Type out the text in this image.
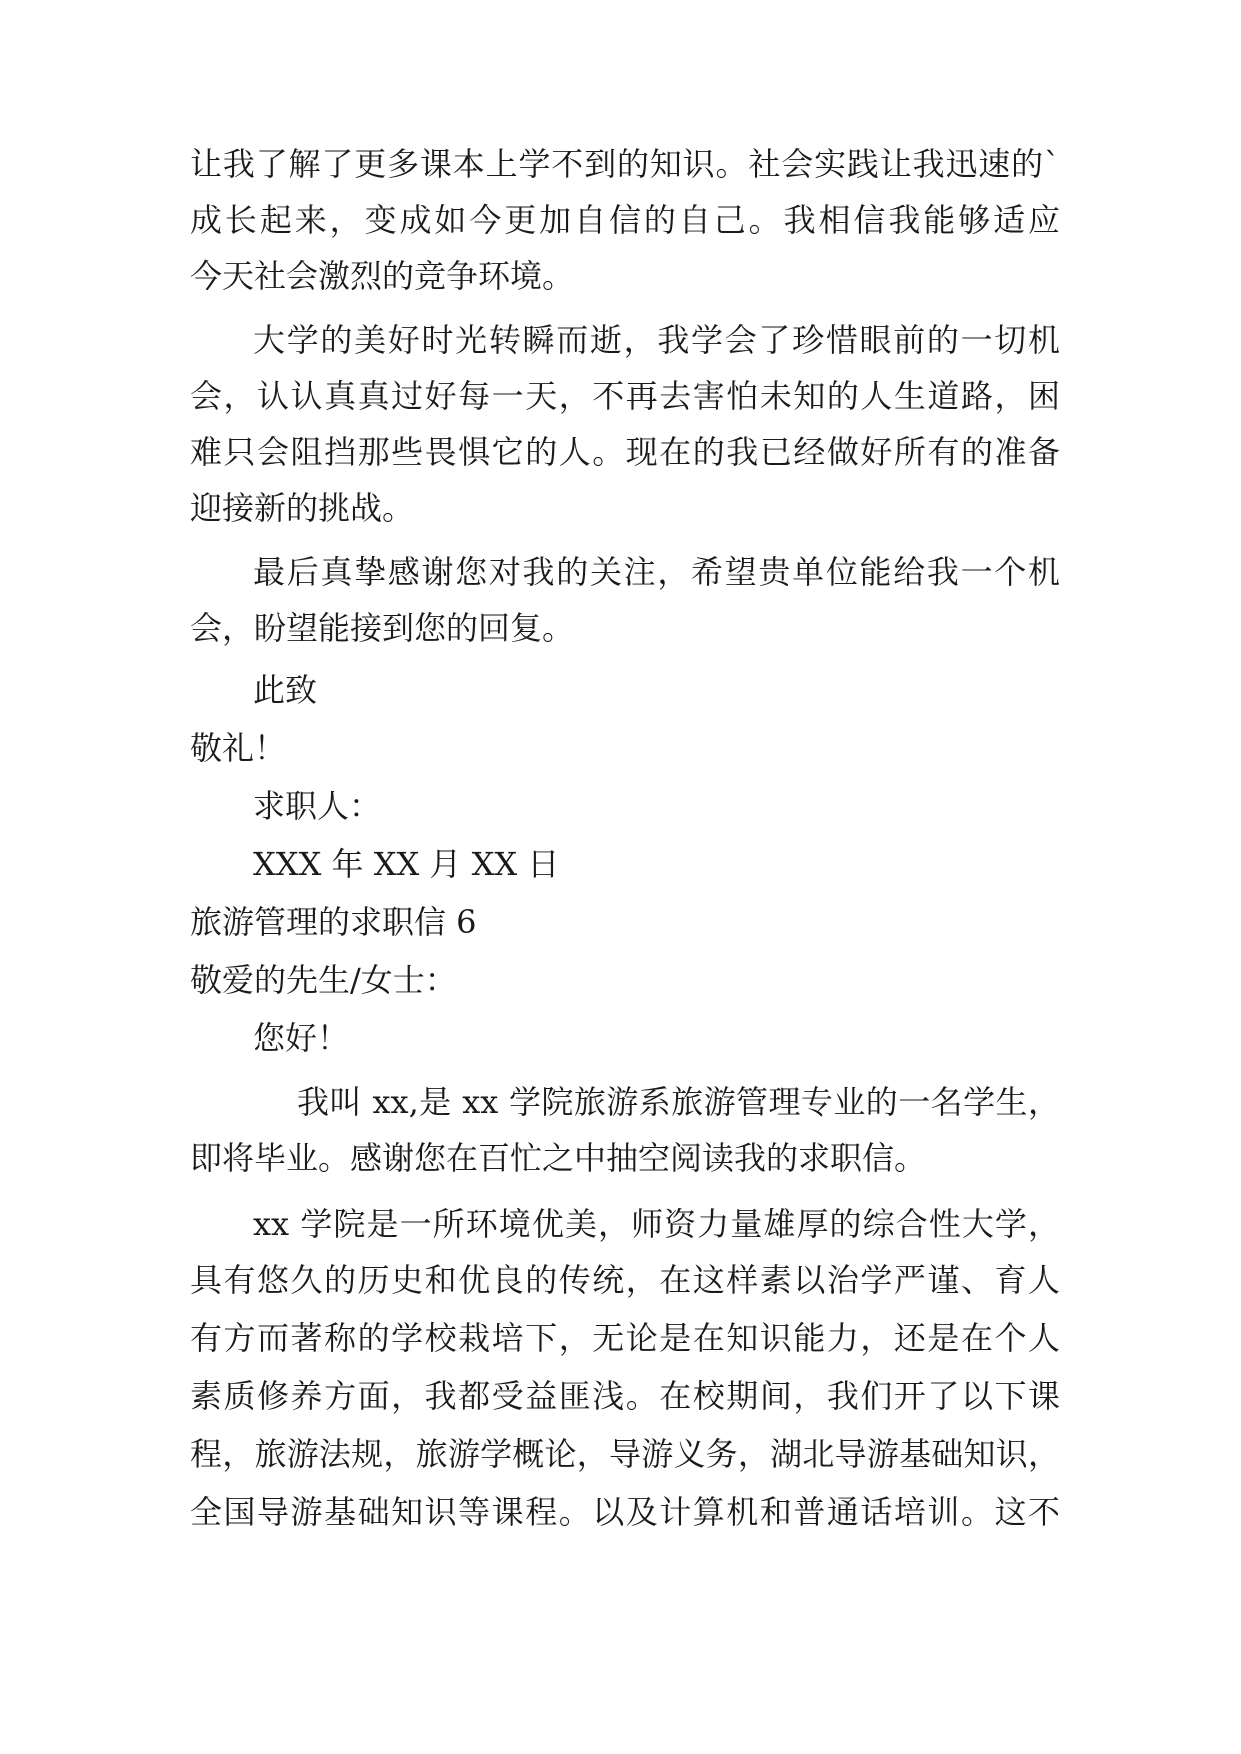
让我了解了更多课本上学不到的知识。社会实践让我迅速的`
成长起来，变成如今更加自信的自己。我相信我能够适应
今天社会激烈的竞争环境。
大学的美好时光转瞬而逝，我学会了珍惜眼前的一切机
会，认认真真过好每一天，不再去害怕未知的人生道路，困
难只会阻挡那些畏惧它的人。现在的我已经做好所有的准备
迎接新的挑战。
最后真挚感谢您对我的关注，希望贵单位能给我一个机
会，盼望能接到您的回复。
此致
敬礼！
求职人：
XXX 年 XX 月 XX 日
旅游管理的求职信 6
敬爱的先生/女士：
您好！
我叫 xx,是 xx 学院旅游系旅游管理专业的一名学生，
即将毕业。感谢您在百忙之中抽空阅读我的求职信。
xx 学院是一所环境优美，师资力量雄厚的综合性大学，
具有悠久的历史和优良的传统，在这样素以治学严谨、育人
有方而著称的学校栽培下，无论是在知识能力，还是在个人
素质修养方面，我都受益匪浅。在校期间，我们开了以下课
程，旅游法规，旅游学概论，导游义务，湖北导游基础知识，
全国导游基础知识等课程。以及计算机和普通话培训。这不
